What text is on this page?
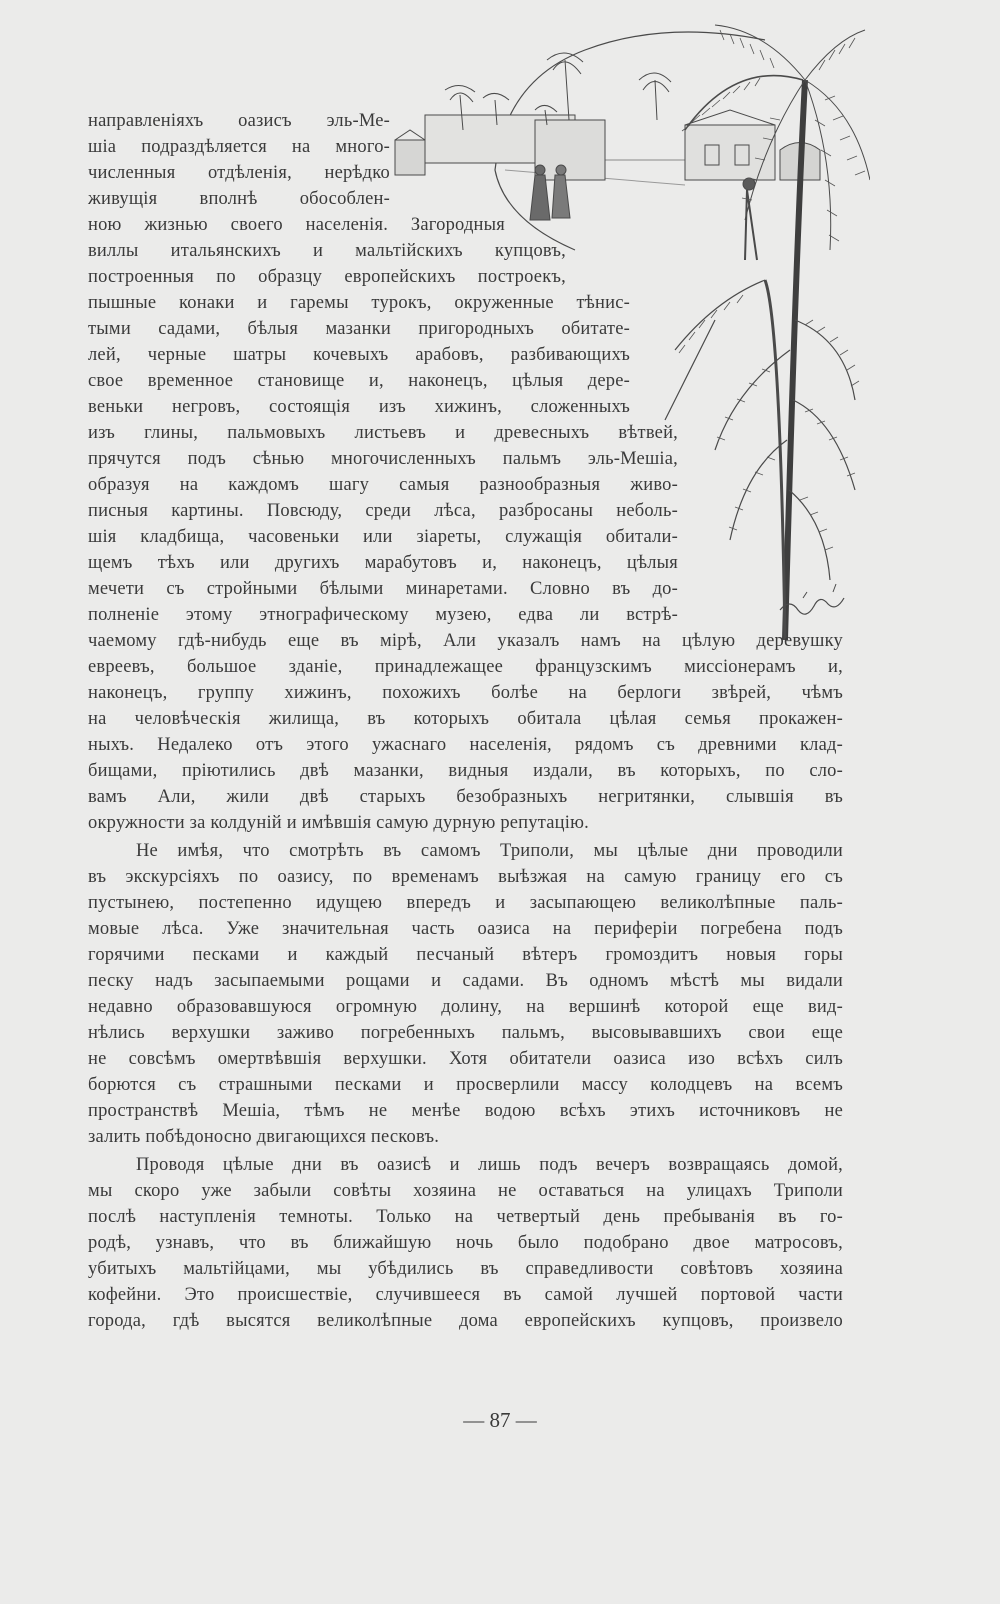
направленіяхъ оазисъ эль-Ме-
шіа подраздѣляется на много-
численныя отдѣленія, нерѣдко
живущія вполнѣ обособлен-
ною жизнью своего населенія. Загородныя
виллы итальянскихъ и мальтійскихъ купцовъ,
построенныя по образцу европейскихъ построекъ,
пышные конаки и гаремы турокъ, окруженные тѣнис-
тыми садами, бѣлыя мазанки пригородныхъ обитате-
лей, черные шатры кочевыхъ арабовъ, разбивающихъ
свое временное становище и, наконецъ, цѣлыя дере-
веньки негровъ, состоящія изъ хижинъ, сложенныхъ
изъ глины, пальмовыхъ листьевъ и древесныхъ вѣтвей,
прячутся подъ сѣнью многочисленныхъ пальмъ эль-Мешіа,
образуя на каждомъ шагу самыя разнообразныя живо-
писныя картины. Повсюду, среди лѣса, разбросаны неболь-
шія кладбища, часовеньки или зіареты, служащія обитали-
щемъ тѣхъ или другихъ марабутовъ и, наконецъ, цѣлыя
мечети съ стройными бѣлыми минаретами. Словно въ до-
полненіе этому этнографическому музею, едва ли встрѣ-
чаемому гдѣ-нибудь еще въ мірѣ, Али указалъ намъ на цѣлую деревушку
евреевъ, большое зданіе, принадлежащее французскимъ миссіонерамъ и,
наконецъ, группу хижинъ, похожихъ болѣе на берлоги звѣрей, чѣмъ
на человѣческія жилища, въ которыхъ обитала цѣлая семья прокажен-
ныхъ. Недалеко отъ этого ужаснаго населенія, рядомъ съ древними клад-
бищами, пріютились двѣ мазанки, видныя издали, въ которыхъ, по сло-
вамъ Али, жили двѣ старыхъ безобразныхъ негритянки, слывшія въ
окружности за колдуній и имѣвшія самую дурную репутацію.
Не имѣя, что смотрѣть въ самомъ Триполи, мы цѣлые дни проводили
въ экскурсіяхъ по оазису, по временамъ выѣзжая на самую границу его съ
пустынею, постепенно идущею впередъ и засыпающею великолѣпные паль-
мовые лѣса. Уже значительная часть оазиса на периферіи погребена подъ
горячими песками и каждый песчаный вѣтеръ громоздитъ новыя горы
песку надъ засыпаемыми рощами и садами. Въ одномъ мѣстѣ мы видали
недавно образовавшуюся огромную долину, на вершинѣ которой еще вид-
нѣлись верхушки заживо погребенныхъ пальмъ, высовывавшихъ свои еще
не совсѣмъ омертвѣвшія верхушки. Хотя обитатели оазиса изо всѣхъ силъ
борются съ страшными песками и просверлили массу колодцевъ на всемъ
пространствѣ Мешіа, тѣмъ не менѣе водою всѣхъ этихъ источниковъ не
залить побѣдоносно двигающихся песковъ.
Проводя цѣлые дни въ оазисѣ и лишь подъ вечеръ возвращаясь домой,
мы скоро уже забыли совѣты хозяина не оставаться на улицахъ Триполи
послѣ наступленія темноты. Только на четвертый день пребыванія въ го-
родѣ, узнавъ, что въ ближайшую ночь было подобрано двое матросовъ,
убитыхъ мальтійцами, мы убѣдились въ справедливости совѣтовъ хозяина
кофейни. Это происшествіе, случившееся въ самой лучшей портовой части
города, гдѣ высятся великолѣпные дома европейскихъ купцовъ, произвело
— 87 —
